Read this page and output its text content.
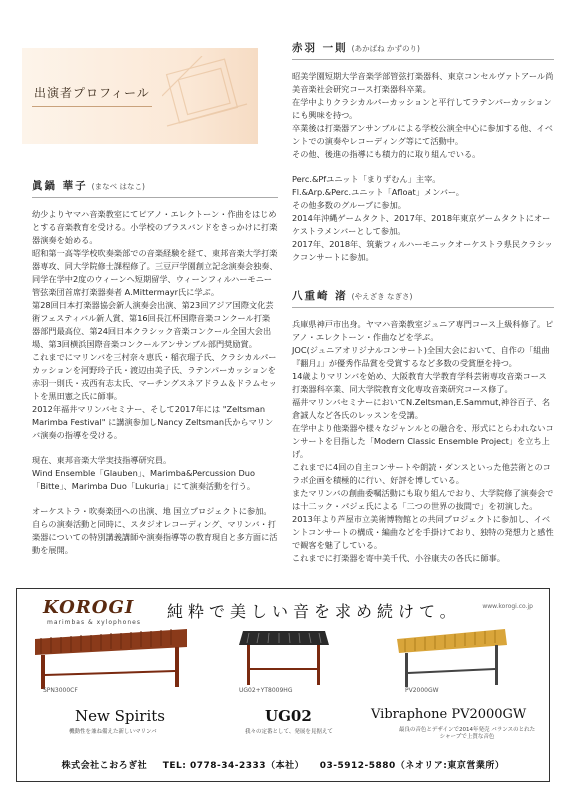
出演者プロフィール
眞鍋 華子 (まなべ はなこ)

幼少よりヤマハ音楽教室にてピアノ・エレクトーン・作曲をはじめとする音楽教育を受ける。小学校のブラスバンドをきっかけに打楽器演奏を始める。

昭和第一高等学校吹奏楽部での音楽経験を経て、東邦音楽大学打楽器専攻、同大学院修士課程修了。三豆戸学園創立記念演奏会独奏、同学在学中2度のウィーンへ短期留学、ウィーンフィルハーモニー管弦楽団首席打楽器奏者 A.Mittermayr氏に学ぶ。

第28回日本打楽器協会新人演奏会出演、第23回アジア国際文化芸術フェスティバル新人賞、第16回長江杯国際音楽コンクール打楽器部門最高位、第24回日本クラシック音楽コンクール全国大会出場、第3回横浜国際音楽コンクールアンサンブル部門奨励賞。

これまでにマリンバを三村奈々恵氏・稲衣瑠子氏、クラシカルパーカッションを河野玲子氏・渡辺由美子氏、ラテンパーカッションを赤羽一則氏・戎西有志太氏、マーチングスネアドラム＆ドラムセットを黒田憲之氏に師事。

2012年福井マリンバセミナー、そして2017年には "Zeltsman Marimba Festival" に講演参加しNancy Zeltsman氏からマリンバ演奏の指導を受ける。

現在、東邦音楽大学実技指導研究員。

Wind Ensemble「Glauben」、Marimba&Percussion Duo「Bitte」、Marimba Duo「Lukuria」にて演奏活動を行う。

オーケストラ・吹奏楽団への出演、地 国立プロジェクトに参加。

自らの演奏活動と同時に、スタジオレコーディング、マリンバ・打楽器についての特別講義講師や演奏指導等の教育現自と多方面に活動を展開。

赤羽 一則 (あかばね かずのり)

昭美学園短期大学音楽学部管弦打楽器科、東京コンセルヴァトアール尚美音楽社会研究コース打楽器科卒業。

在学中よりクラシカルパーカッションと平行してラテンパーカッションにも興味を持つ。

卒業後は打楽器アンサンブルによる学校公演全中心に参加する他、イベントでの演奏やレコーディング等にて活動中。

その他、後進の指導にも積力的に取り組んでいる。

Perc.&Pfユニット「まりずむん」主宰。

Fl.&Arp.&Perc.ユニット「Afloat」メンバー。

その他多数のグループに参加。

2014年沖縄ゲームタクト、2017年、2018年東京ゲームタクトにオーケストラメンバーとして参加。

2017年、2018年、筑紫フィルハーモニックオーケストラ県民クラシックコンサートに参加。

八重崎 渚 (やえざき なぎさ)

兵庫県神戸市出身。ヤマハ音楽教室ジュニア専門コース上級科修了。ピアノ・エレクトーン・作曲などを学ぶ。

JOC(ジュニアオリジナルコンサート)全国大会において、自作の「組曲『翻月』」が優秀作品賞を受賞するなど多数の受賞歴を持つ。

14歳よりマリンバを始め、大阪教育大学教育学科芸術専攻音楽コース打楽器科卒業、同大学院教育文化専攻音楽研究コース修了。

福井マリンバセミナーにおいてN.Zeltsman,E.Sammut,神谷百子、名倉誠人など各氏のレッスンを受講。

在学中より他楽器や様々なジャンルとの融合を、形式にとらわれないコンサートを目指した「Modern Classic Ensemble Project」を立ち上げ。

これまでに4回の自主コンサートや朗読・ダンスといった他芸術とのコラボ企画を積極的に行い、好評を博している。

またマリンバの創曲委嘱活動にも取り組んでおり、大学院修了演奏会では十二ック・パジェ氏による「二つの世界の抜間で」を初演した。

2013年より芦屋市立美術博物館との共同プロジェクトに参加し、イベントコンサートの構成・編曲などを手掛けており、独特の発想力と感性で観客を魅了している。

これまでに打楽器を寄中美千代、小谷康夫の各氏に師事。

KOROGI
marimbas & xylophones
純粋で美しい音を求め続けて。	www.korogi.co.jp
SPN3000CF
New Spirits
機動性を兼ね備えた新しいマリンバ
UG02+YT8009HG
UG02
我々の定番として、発展を見据えて
PV2000GW
Vibraphone PV2000GW
最良の音色とデザインで2014年発売 バランスのとれたシャープで上質な音色
株式会社こおろぎ社 TEL: 0778-34-2333（本社） 03-5912-5880（ネオリア:東京営業所）
